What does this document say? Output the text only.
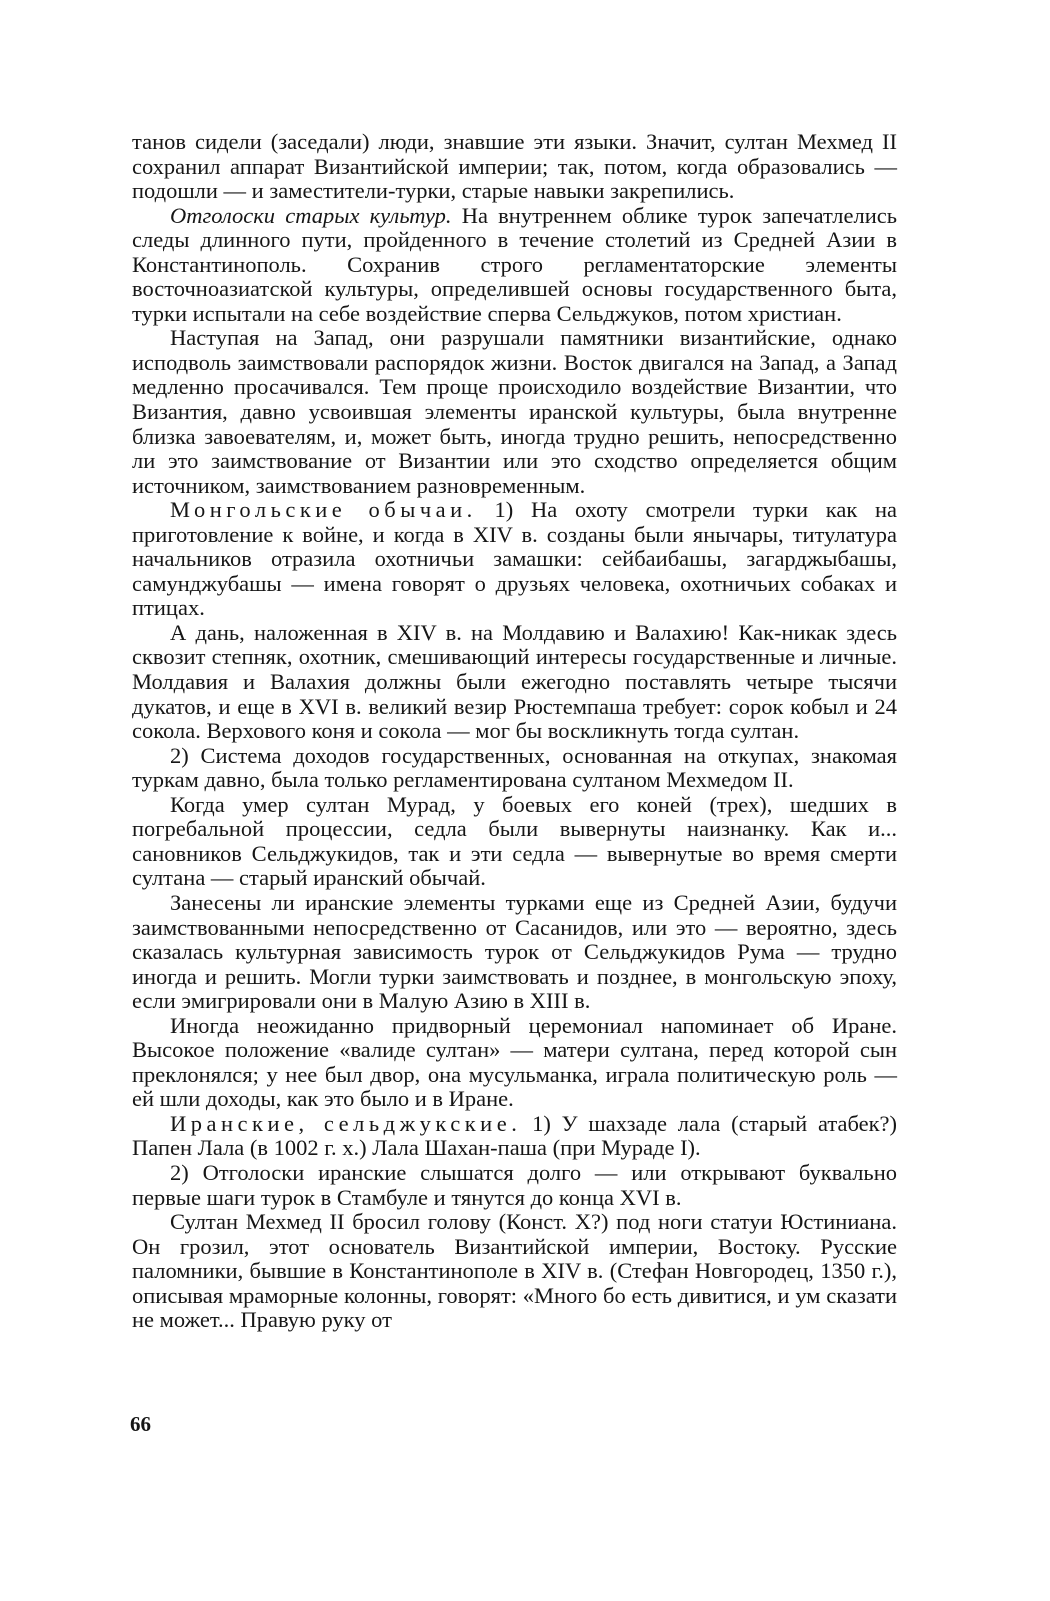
танов сидели (заседали) люди, знавшие эти языки. Значит, султан Мехмед II сохранил аппарат Византийской империи; так, потом, когда образовались — подошли — и заместители-турки, старые навыки закрепились.

Отголоски старых культур. На внутреннем облике турок запечатлелись следы длинного пути, пройденного в течение столетий из Средней Азии в Константинополь. Сохранив строго регламентаторские элементы восточноазиатской культуры, определившей основы государственного быта, турки испытали на себе воздействие сперва Сельджуков, потом христиан.

Наступая на Запад, они разрушали памятники византийские, однако исподволь заимствовали распорядок жизни. Восток двигался на Запад, а Запад медленно просачивался. Тем проще происходило воздействие Византии, что Византия, давно усвоившая элементы иранской культуры, была внутренне близка завоевателям, и, может быть, иногда трудно решить, непосредственно ли это заимствование от Византии или это сходство определяется общим источником, заимствованием разновременным.

Монгольские обычаи. 1) На охоту смотрели турки как на приготовление к войне, и когда в XIV в. созданы были янычары, титулатура начальников отразила охотничьи замашки: сейбаибашы, загарджыбашы, самунджубашы — имена говорят о друзьях человека, охотничьих собаках и птицах.

А дань, наложенная в XIV в. на Молдавию и Валахию! Как-никак здесь сквозит степняк, охотник, смешивающий интересы государственные и личные. Молдавия и Валахия должны были ежегодно поставлять четыре тысячи дукатов, и еще в XVI в. великий везир Рюстемпаша требует: сорок кобыл и 24 сокола. Верхового коня и сокола — мог бы воскликнуть тогда султан.

2) Система доходов государственных, основанная на откупах, знакомая туркам давно, была только регламентирована султаном Мехмедом II.

Когда умер султан Мурад, у боевых его коней (трех), шедших в погребальной процессии, седла были вывернуты наизнанку. Как и... сановников Сельджукидов, так и эти седла — вывернутые во время смерти султана — старый иранский обычай.

Занесены ли иранские элементы турками еще из Средней Азии, будучи заимствованными непосредственно от Сасанидов, или это — вероятно, здесь сказалась культурная зависимость турок от Сельджукидов Рума — трудно иногда и решить. Могли турки заимствовать и позднее, в монгольскую эпоху, если эмигрировали они в Малую Азию в XIII в.

Иногда неожиданно придворный церемониал напоминает об Иране. Высокое положение «валиде султан» — матери султана, перед которой сын преклонялся; у нее был двор, она мусульманка, играла политическую роль — ей шли доходы, как это было и в Иране.

Иранские, сельджукские. 1) У шахзаде лала (старый атабек?) Папен Лала (в 1002 г. х.) Лала Шахан-паша (при Мураде I).

2) Отголоски иранские слышатся долго — или открывают буквально первые шаги турок в Стамбуле и тянутся до конца XVI в.

Султан Мехмед II бросил голову (Конст. X?) под ноги статуи Юстиниана. Он грозил, этот основатель Византийской империи, Востоку. Русские паломники, бывшие в Константинополе в XIV в. (Стефан Новгородец, 1350 г.), описывая мраморные колонны, говорят: «Много бо есть дивитися, и ум сказати не может... Правую руку от

66
